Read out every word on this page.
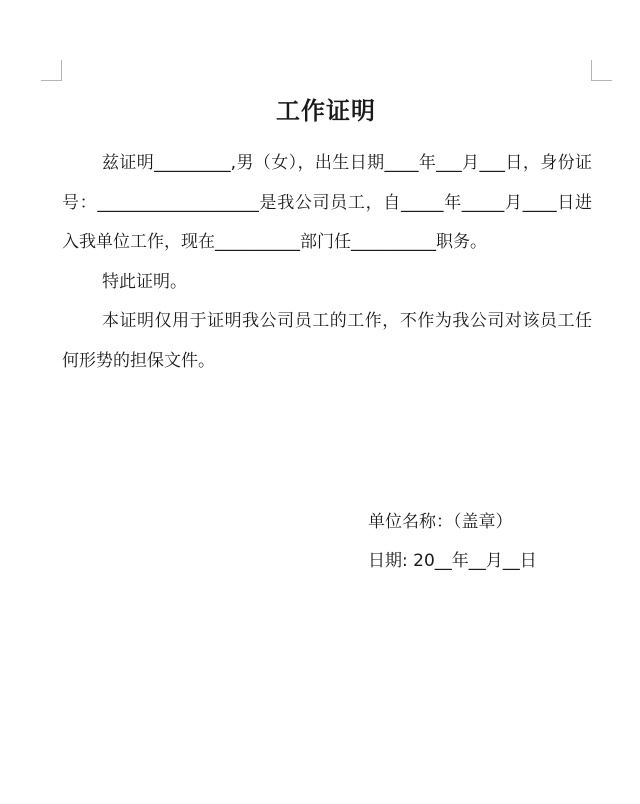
工作证明

兹证明_________,男（女），出生日期____年___月___日，身份证号：___________________是我公司员工，自_____年_____月____日进入我单位工作，现在__________部门任__________职务。

特此证明。

本证明仅用于证明我公司员工的工作，不作为我公司对该员工任何形势的担保文件。

单位名称：（盖章）
日期: 20__年__月__日
